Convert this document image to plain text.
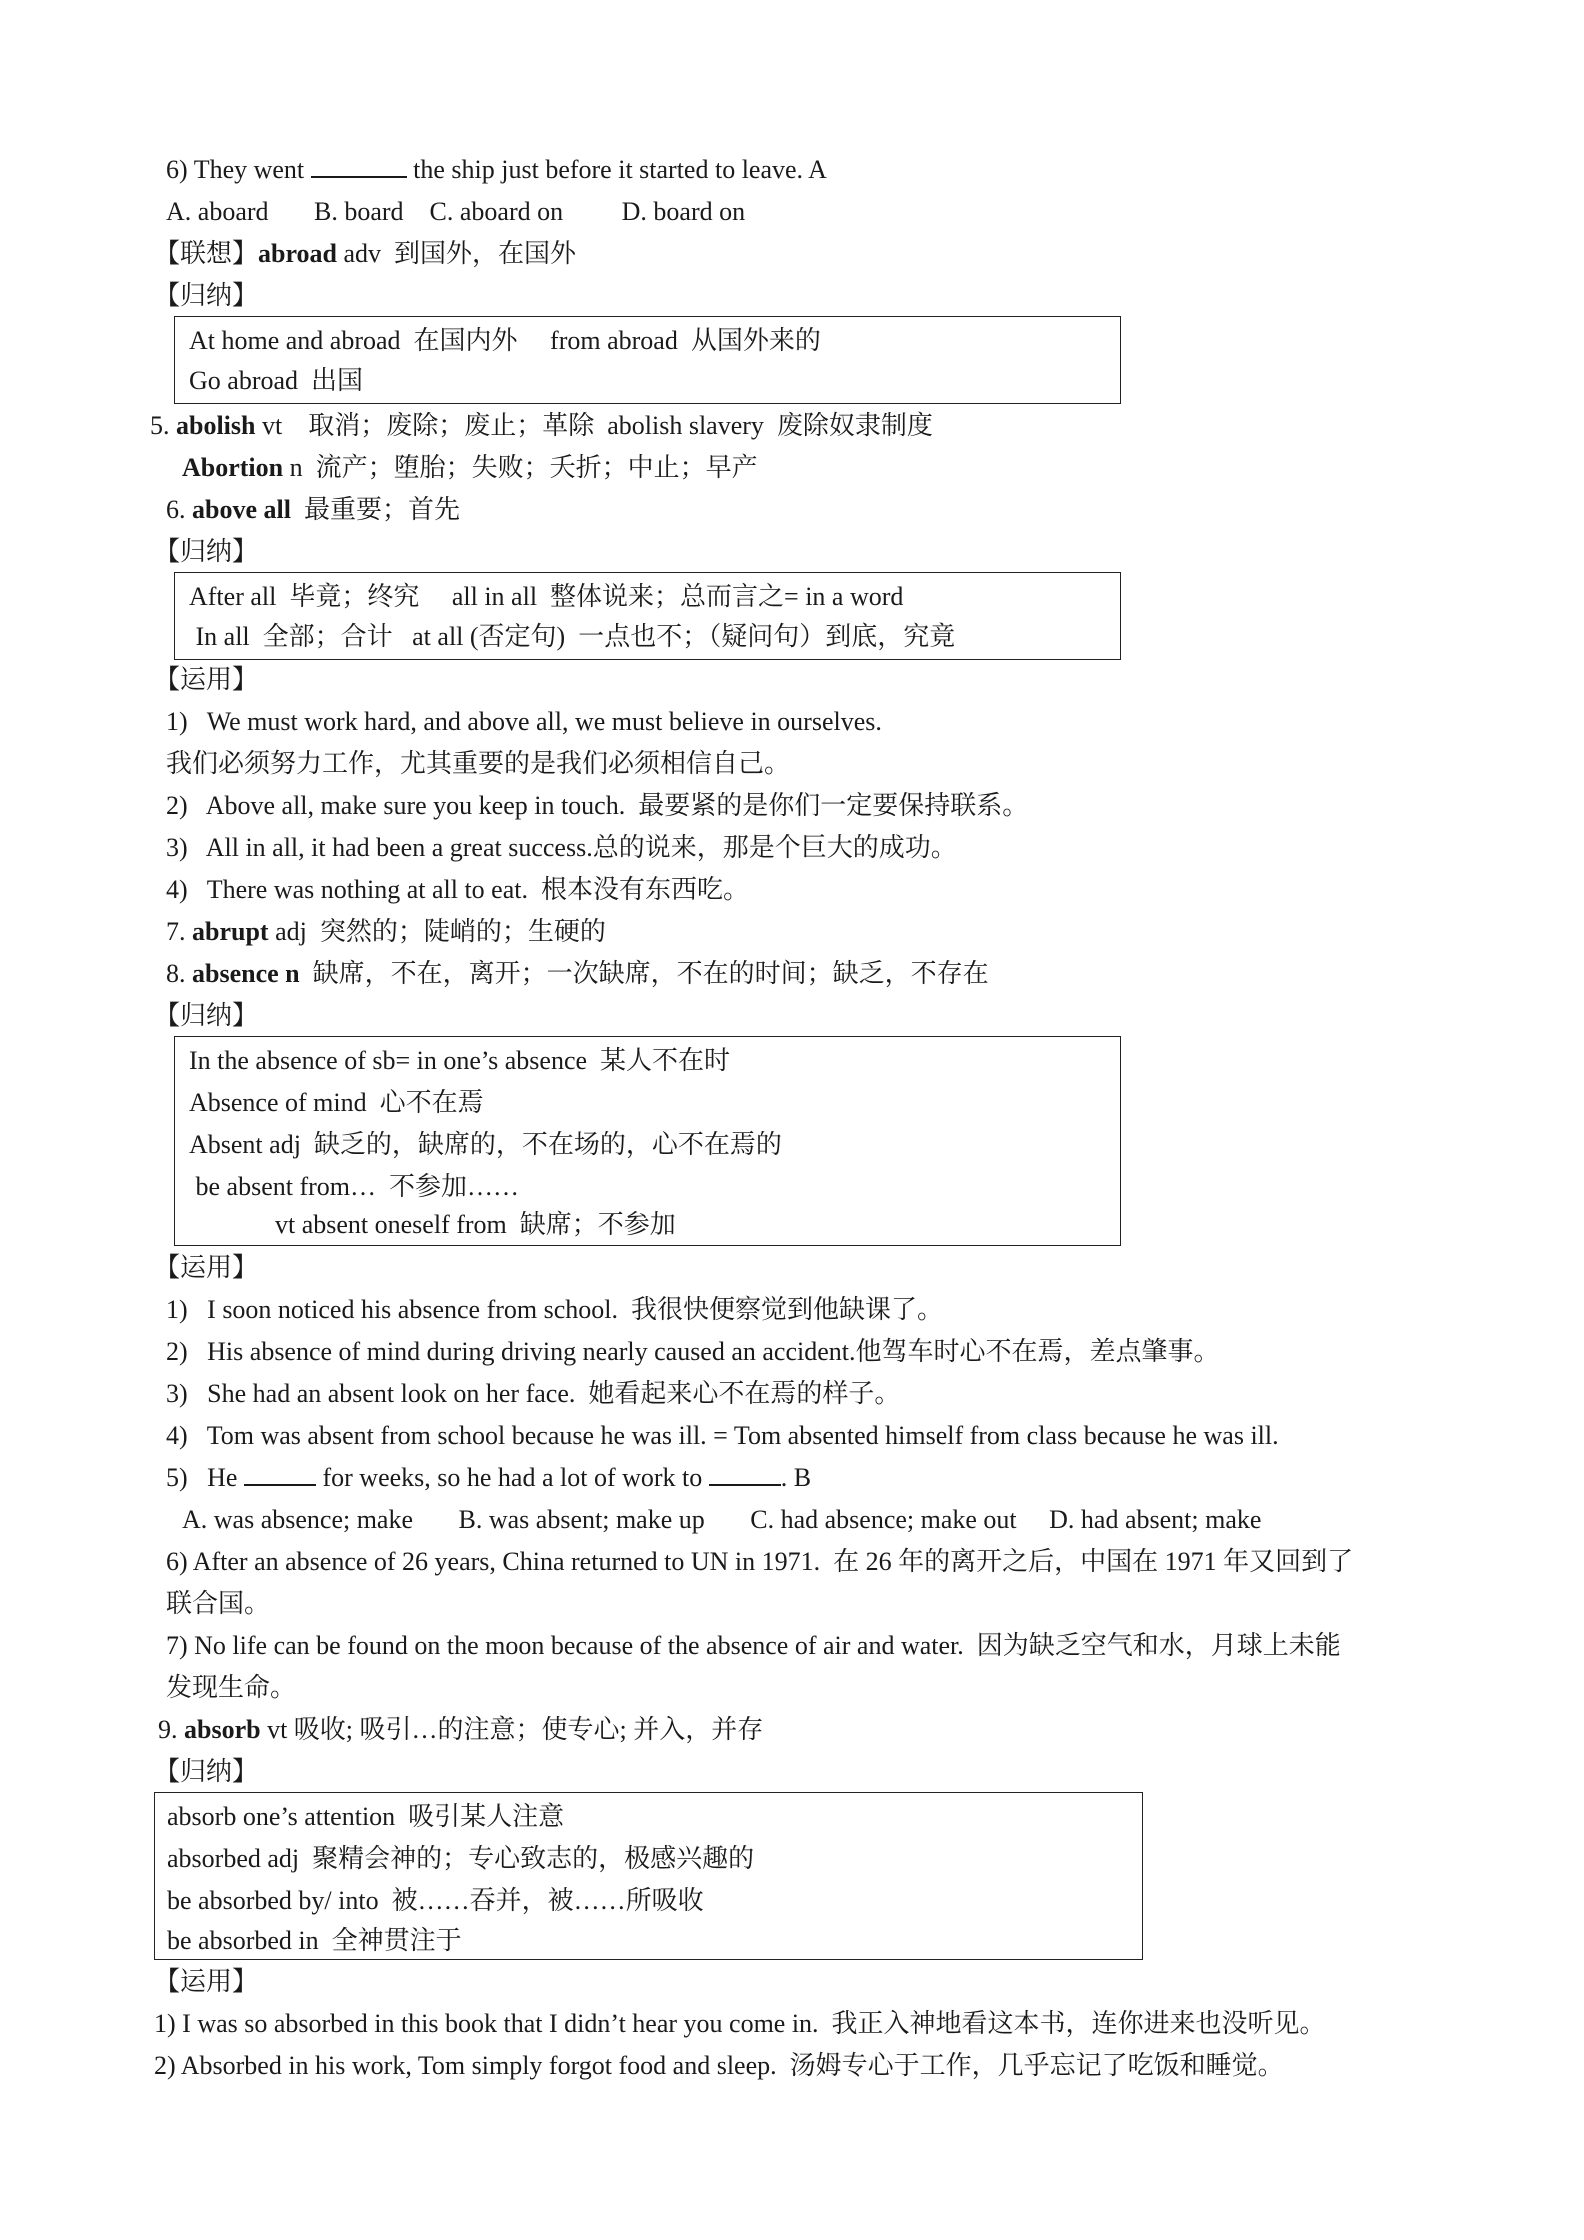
6) They went	the ship just before it started to leave. A
A. aboard       B. board    C. aboard on         D. board on
【联想】abroad adv  到国外，在国外
【归纳】
At home and abroad  在国内外     from abroad  从国外来的
Go abroad  出国
5. abolish vt    取消；废除；废止；革除  abolish slavery  废除奴隶制度
Abortion n  流产；堕胎；失败；夭折；中止；早产
6. above all  最重要；首先
【归纳】
After all  毕竟；终究     all in all  整体说来；总而言之= in a word
In all  全部；合计   at all (否定句)  一点也不；（疑问句）到底，究竟
【运用】
1)   We must work hard, and above all, we must believe in ourselves.
我们必须努力工作，尤其重要的是我们必须相信自己。
2)   Above all, make sure you keep in touch.  最要紧的是你们一定要保持联系。
3)   All in all, it had been a great success.总的说来，那是个巨大的成功。
4)   There was nothing at all to eat.  根本没有东西吃。
7. abrupt adj  突然的；陡峭的；生硬的
8. absence n  缺席，不在，离开；一次缺席，不在的时间；缺乏，不存在
【归纳】
In the absence of sb= in one’s absence  某人不在时
Absence of mind  心不在焉
Absent adj  缺乏的，缺席的，不在场的，心不在焉的
be absent from…  不参加……
vt absent oneself from  缺席；不参加
【运用】
1)   I soon noticed his absence from school.  我很快便察觉到他缺课了。
2)   His absence of mind during driving nearly caused an accident.他驾车时心不在焉，差点肇事。
3)   She had an absent look on her face.  她看起来心不在焉的样子。
4)   Tom was absent from school because he was ill. = Tom absented himself from class because he was ill.
5)   He	for weeks, so he had a lot of work to	. B
A. was absence; make       B. was absent; make up       C. had absence; make out     D. had absent; make
6) After an absence of 26 years, China returned to UN in 1971.  在 26 年的离开之后，中国在 1971 年又回到了
联合国。
7) No life can be found on the moon because of the absence of air and water.  因为缺乏空气和水，月球上未能
发现生命。
9. absorb vt 吸收; 吸引…的注意；使专心; 并入，并存
【归纳】
absorb one’s attention  吸引某人注意
absorbed adj  聚精会神的；专心致志的，极感兴趣的
be absorbed by/ into  被……吞并，被……所吸收
be absorbed in  全神贯注于
【运用】
1) I was so absorbed in this book that I didn’t hear you come in.  我正入神地看这本书，连你进来也没听见。
2) Absorbed in his work, Tom simply forgot food and sleep.  汤姆专心于工作，几乎忘记了吃饭和睡觉。
